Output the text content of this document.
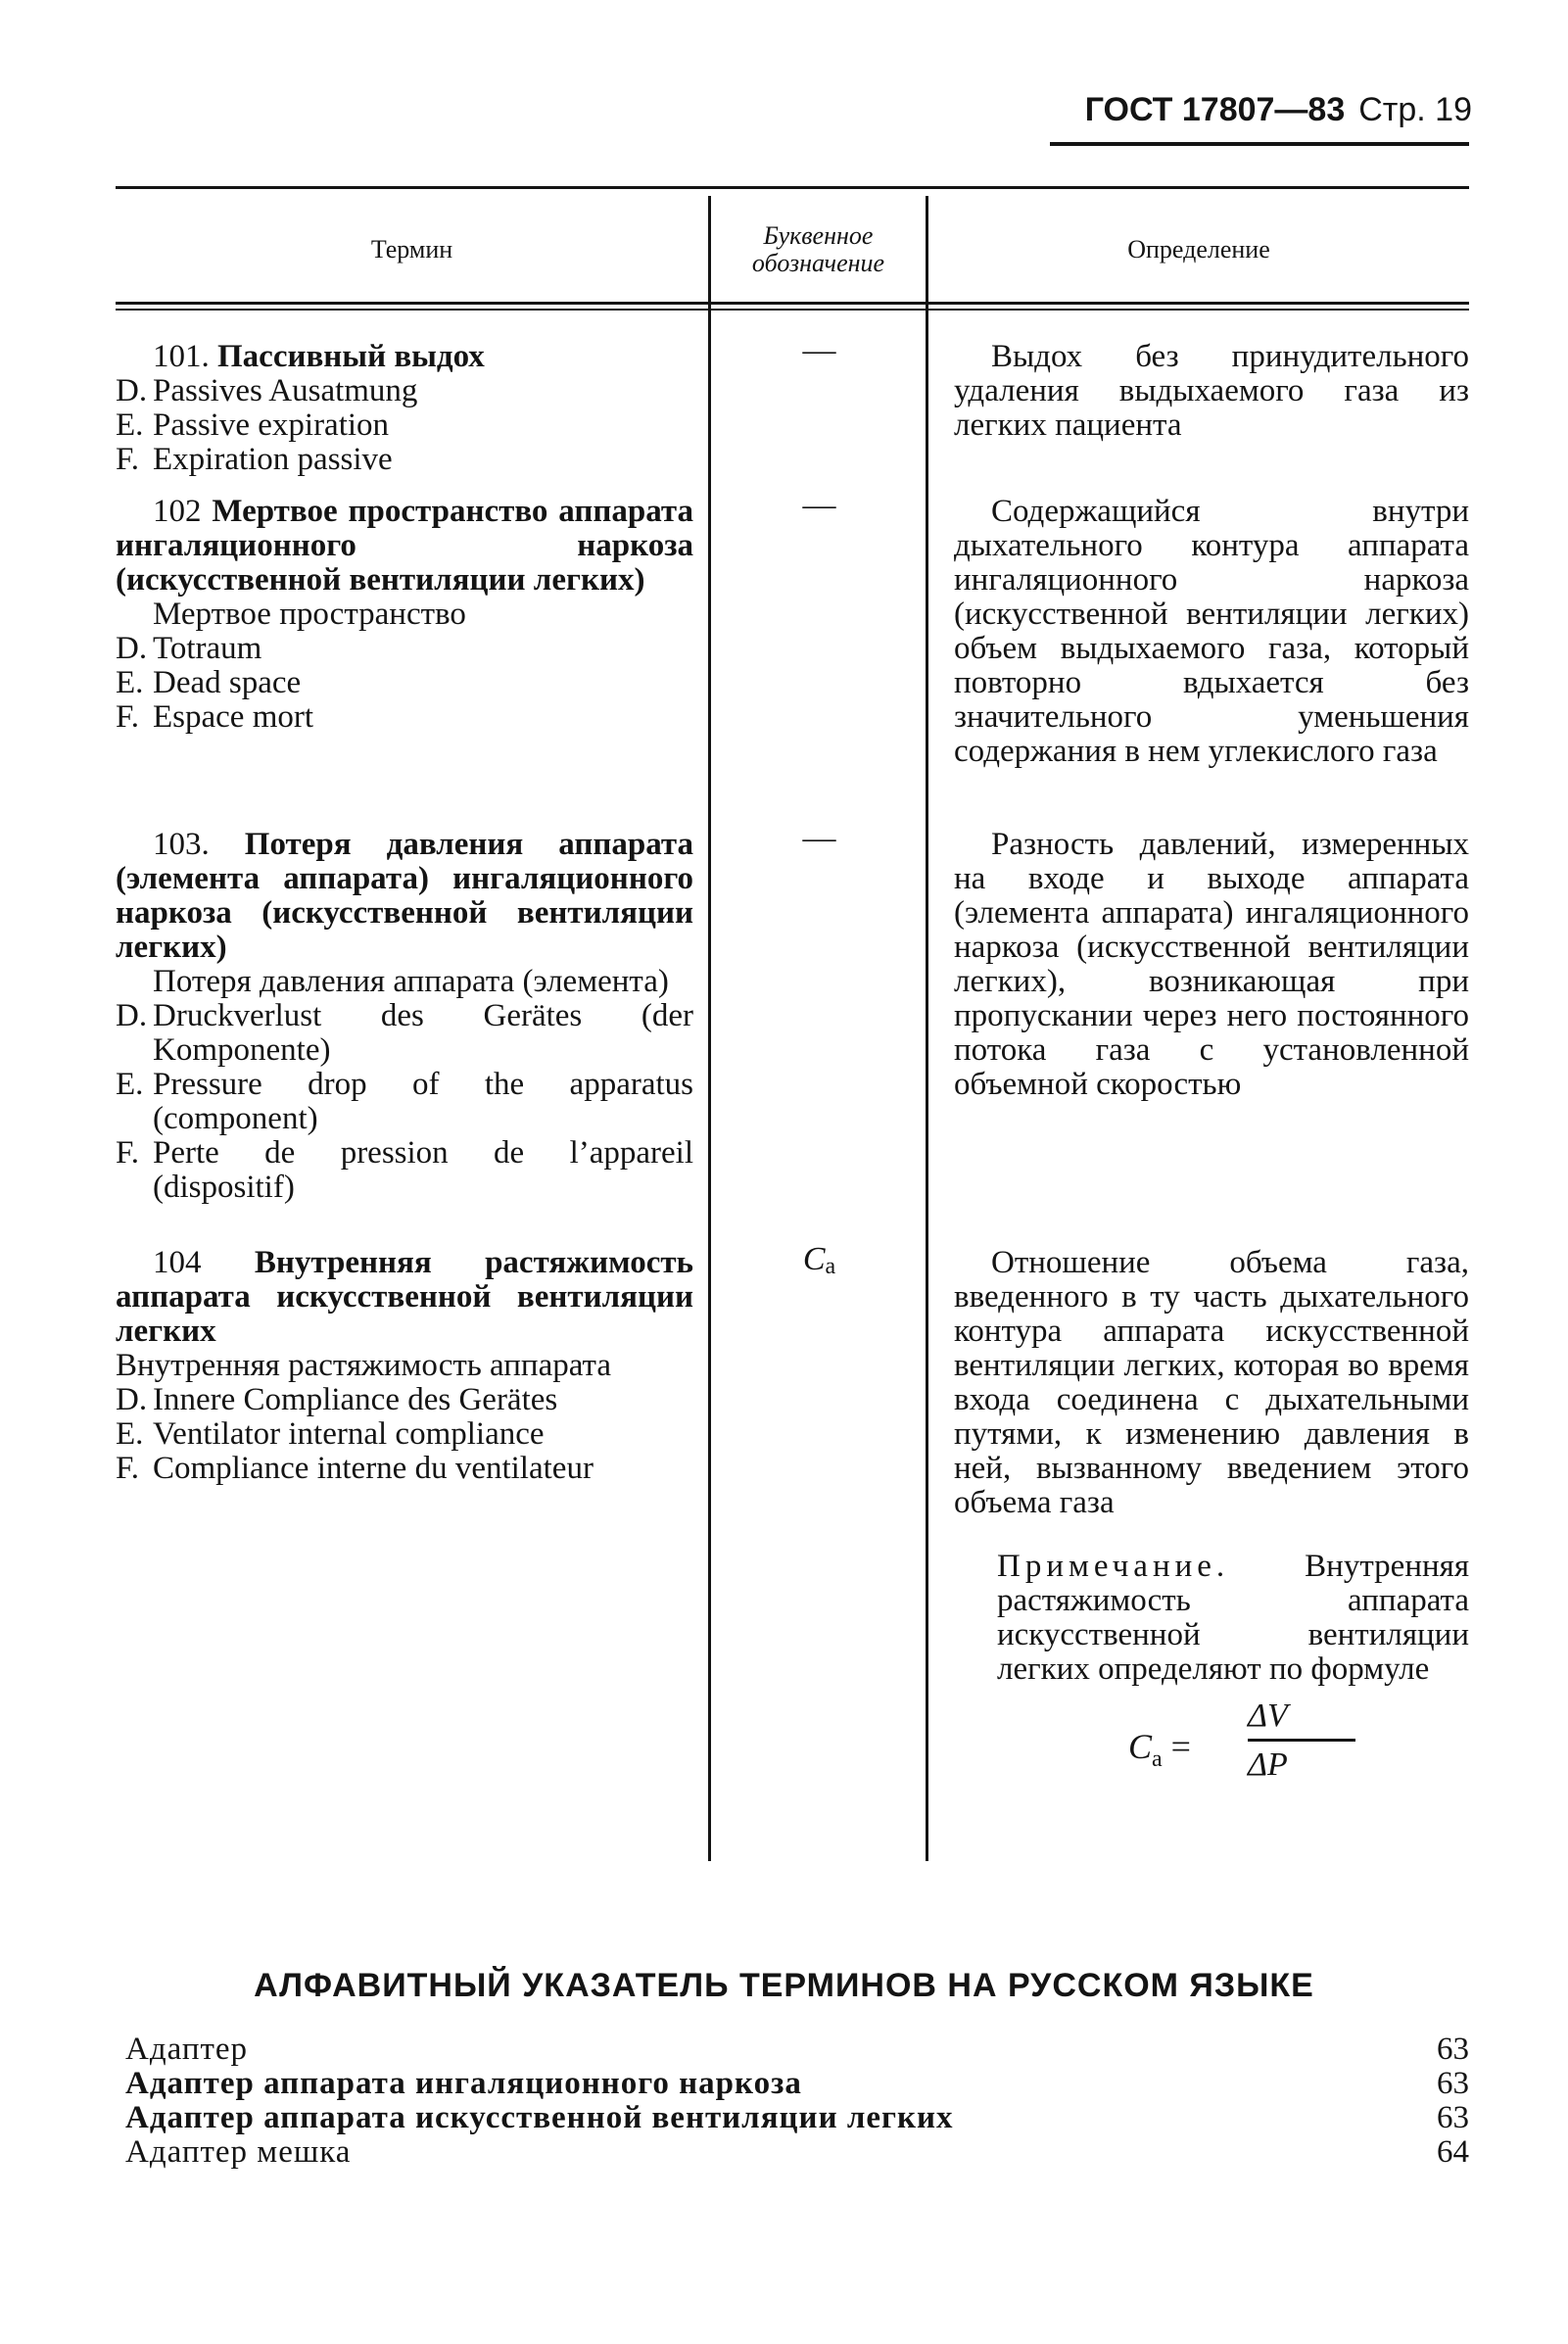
ГОСТ 17807—83 Стр. 19
Термин	Буквенное обозначение	Определение
101. Пассивный выдох
D. Passives Ausatmung
E. Passive expiration
F. Expiration passive
—	Выдох без принудительного удаления выдыхаемого газа из легких пациента
102 Мертвое пространство аппарата ингаляционного наркоза (искусственной вентиляции легких)
Мертвое пространство
D. Totraum
E. Dead space
F. Espace mort
—	Содержащийся внутри дыхательного контура аппарата ингаляционного наркоза (искусственной вентиляции легких) объем выдыхаемого газа, который повторно вдыхается без значительного уменьшения содержания в нем углекислого газа
103. Потеря давления аппарата (элемента аппарата) ингаляционного наркоза (искусственной вентиляции легких)
Потеря давления аппарата (элемента)
D. Druckverlust des Gerätes (der Komponente)
E. Pressure drop of the apparatus (component)
F. Perte de pression de l’appareil (dispositif)
—	Разность давлений, измеренных на входе и выходе аппарата (элемента аппарата) ингаляционного наркоза (искусственной вентиляции легких), возникающая при пропускании через него постоянного потока газа с установленной объемной скоростью
104 Внутренняя растяжимость аппарата искусственной вентиляции легких
Внутренняя растяжимость аппарата
D. Innere Compliance des Gerätes
E. Ventilator internal compliance
F. Compliance interne du ventilateur
$C_a$	Отношение объема газа, введенного в ту часть дыхательного контура аппарата искусственной вентиляции легких, которая во время входа соединена с дыхательными путями, к изменению давления в ней, вызванному введением этого объема газа
Примечание. Внутренняя растяжимость аппарата искусственной вентиляции легких определяют по формуле
$C_a = \frac{\Delta V}{\Delta P}$
АЛФАВИТНЫЙ УКАЗАТЕЛЬ ТЕРМИНОВ НА РУССКОМ ЯЗЫКЕ
Адаптер	63
Адаптер аппарата ингаляционного наркоза	63
Адаптер аппарата искусственной вентиляции легких	63
Адаптер мешка	64
